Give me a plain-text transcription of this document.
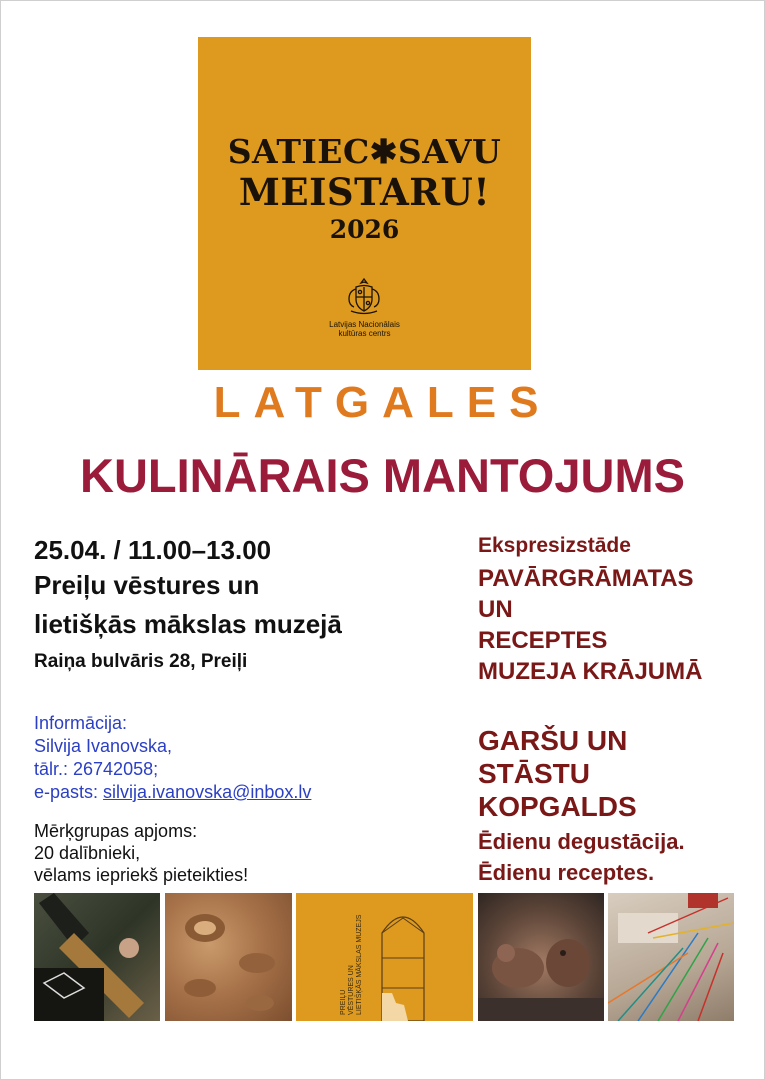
SATIEC✱SAVU
MEISTARU!
2026
Latvijas Nacionālais
kultūras centrs
LATGALES
KULINĀRAIS MANTOJUMS
25.04. / 11.00–13.00
Preiļu vēstures un
lietišķās mākslas muzejā
Raiņa bulvāris 28, Preiļi
Informācija:
Silvija Ivanovska,
tālr.: 26742058;
e-pasts: silvija.ivanovska@inbox.lv
Mērķgrupas apjoms:
20 dalībnieki,
vēlams iepriekš pieteikties!
Ekspresizstāde
PAVĀRGRĀMATAS
UN
RECEPTES
MUZEJA KRĀJUMĀ
GARŠU UN
STĀSTU
KOPGALDS
Ēdienu degustācija.
Ēdienu receptes.
PREIĻU VĒSTURES UN LIETIŠĶĀS MĀKSLAS MUZEJS
